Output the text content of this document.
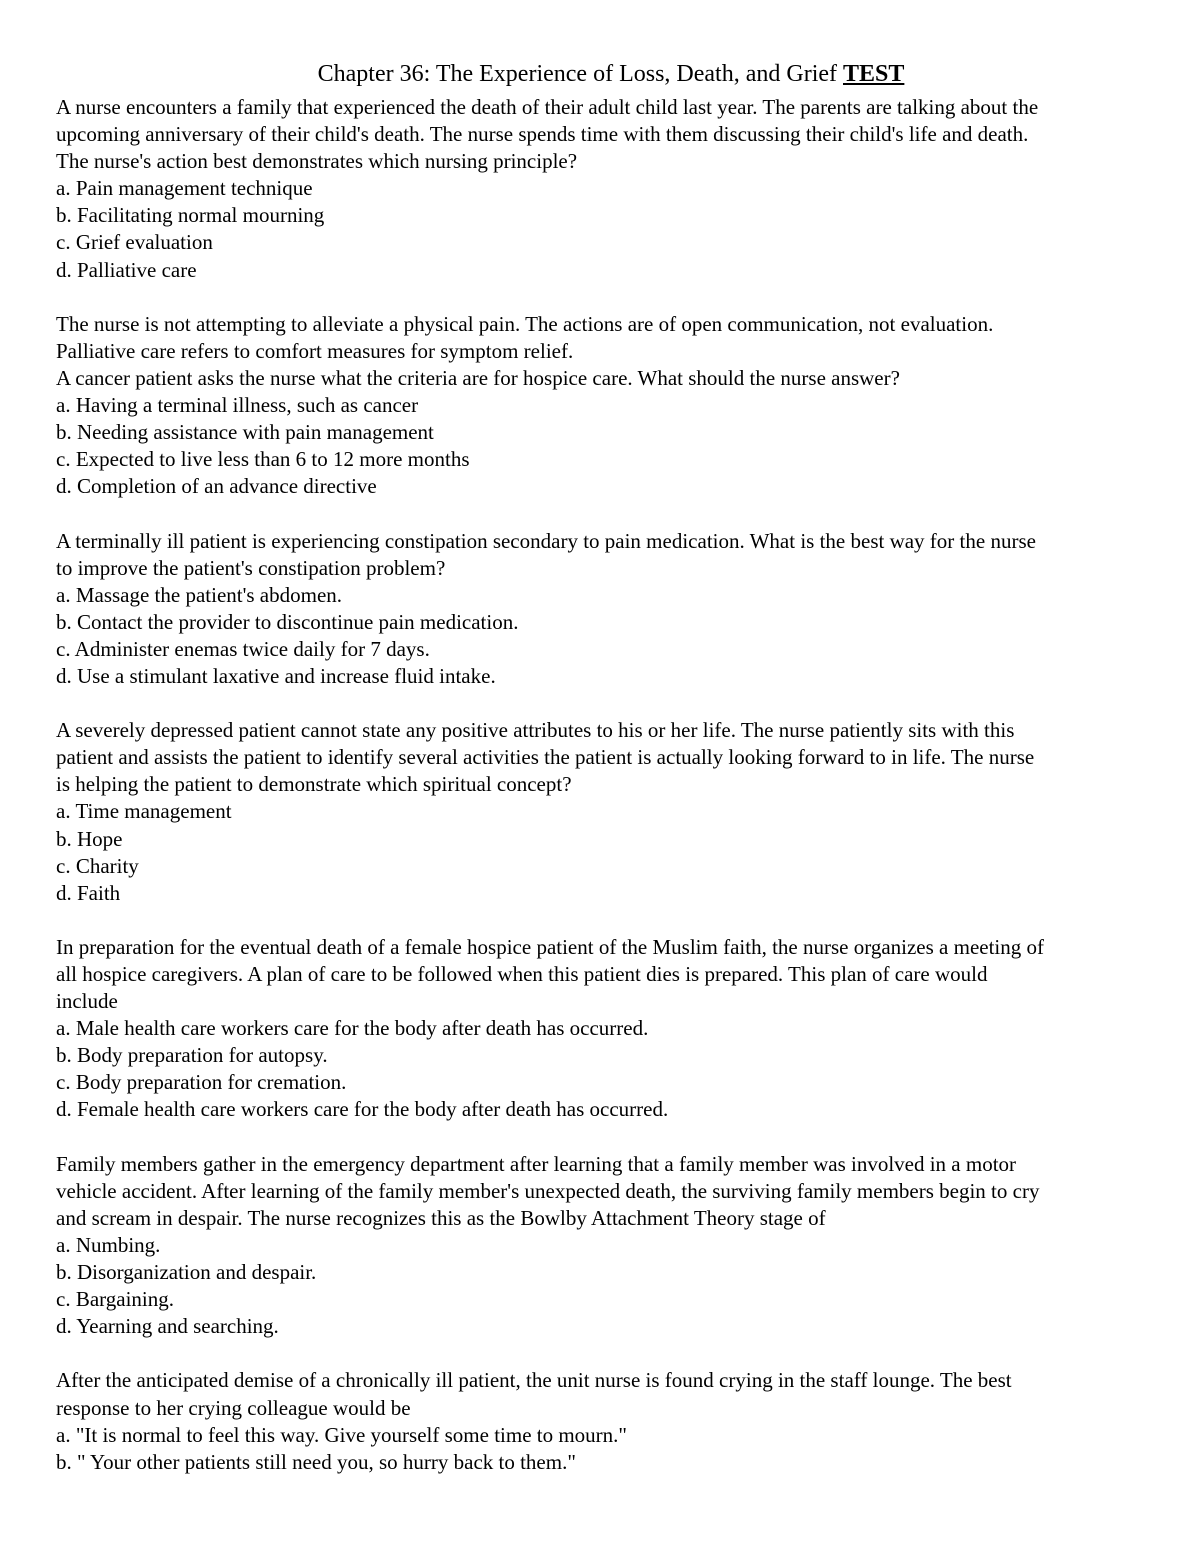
Chapter 36: The Experience of Loss, Death, and Grief TEST
A nurse encounters a family that experienced the death of their adult child last year. The parents are talking about the
upcoming anniversary of their child's death. The nurse spends time with them discussing their child's life and death.
The nurse's action best demonstrates which nursing principle?
a. Pain management technique
b. Facilitating normal mourning
c. Grief evaluation
d. Palliative care
The nurse is not attempting to alleviate a physical pain. The actions are of open communication, not evaluation.
Palliative care refers to comfort measures for symptom relief.
A cancer patient asks the nurse what the criteria are for hospice care. What should the nurse answer?
a. Having a terminal illness, such as cancer
b. Needing assistance with pain management
c. Expected to live less than 6 to 12 more months
d. Completion of an advance directive
A terminally ill patient is experiencing constipation secondary to pain medication. What is the best way for the nurse
to improve the patient's constipation problem?
a. Massage the patient's abdomen.
b. Contact the provider to discontinue pain medication.
c. Administer enemas twice daily for 7 days.
d. Use a stimulant laxative and increase fluid intake.
A severely depressed patient cannot state any positive attributes to his or her life. The nurse patiently sits with this
patient and assists the patient to identify several activities the patient is actually looking forward to in life. The nurse
is helping the patient to demonstrate which spiritual concept?
a. Time management
b. Hope
c. Charity
d. Faith
In preparation for the eventual death of a female hospice patient of the Muslim faith, the nurse organizes a meeting of
all hospice caregivers. A plan of care to be followed when this patient dies is prepared. This plan of care would
include
a. Male health care workers care for the body after death has occurred.
b. Body preparation for autopsy.
c. Body preparation for cremation.
d. Female health care workers care for the body after death has occurred.
Family members gather in the emergency department after learning that a family member was involved in a motor
vehicle accident. After learning of the family member's unexpected death, the surviving family members begin to cry
and scream in despair. The nurse recognizes this as the Bowlby Attachment Theory stage of
a. Numbing.
b. Disorganization and despair.
c. Bargaining.
d. Yearning and searching.
After the anticipated demise of a chronically ill patient, the unit nurse is found crying in the staff lounge. The best
response to her crying colleague would be
a. "It is normal to feel this way. Give yourself some time to mourn."
b. " Your other patients still need you, so hurry back to them."
